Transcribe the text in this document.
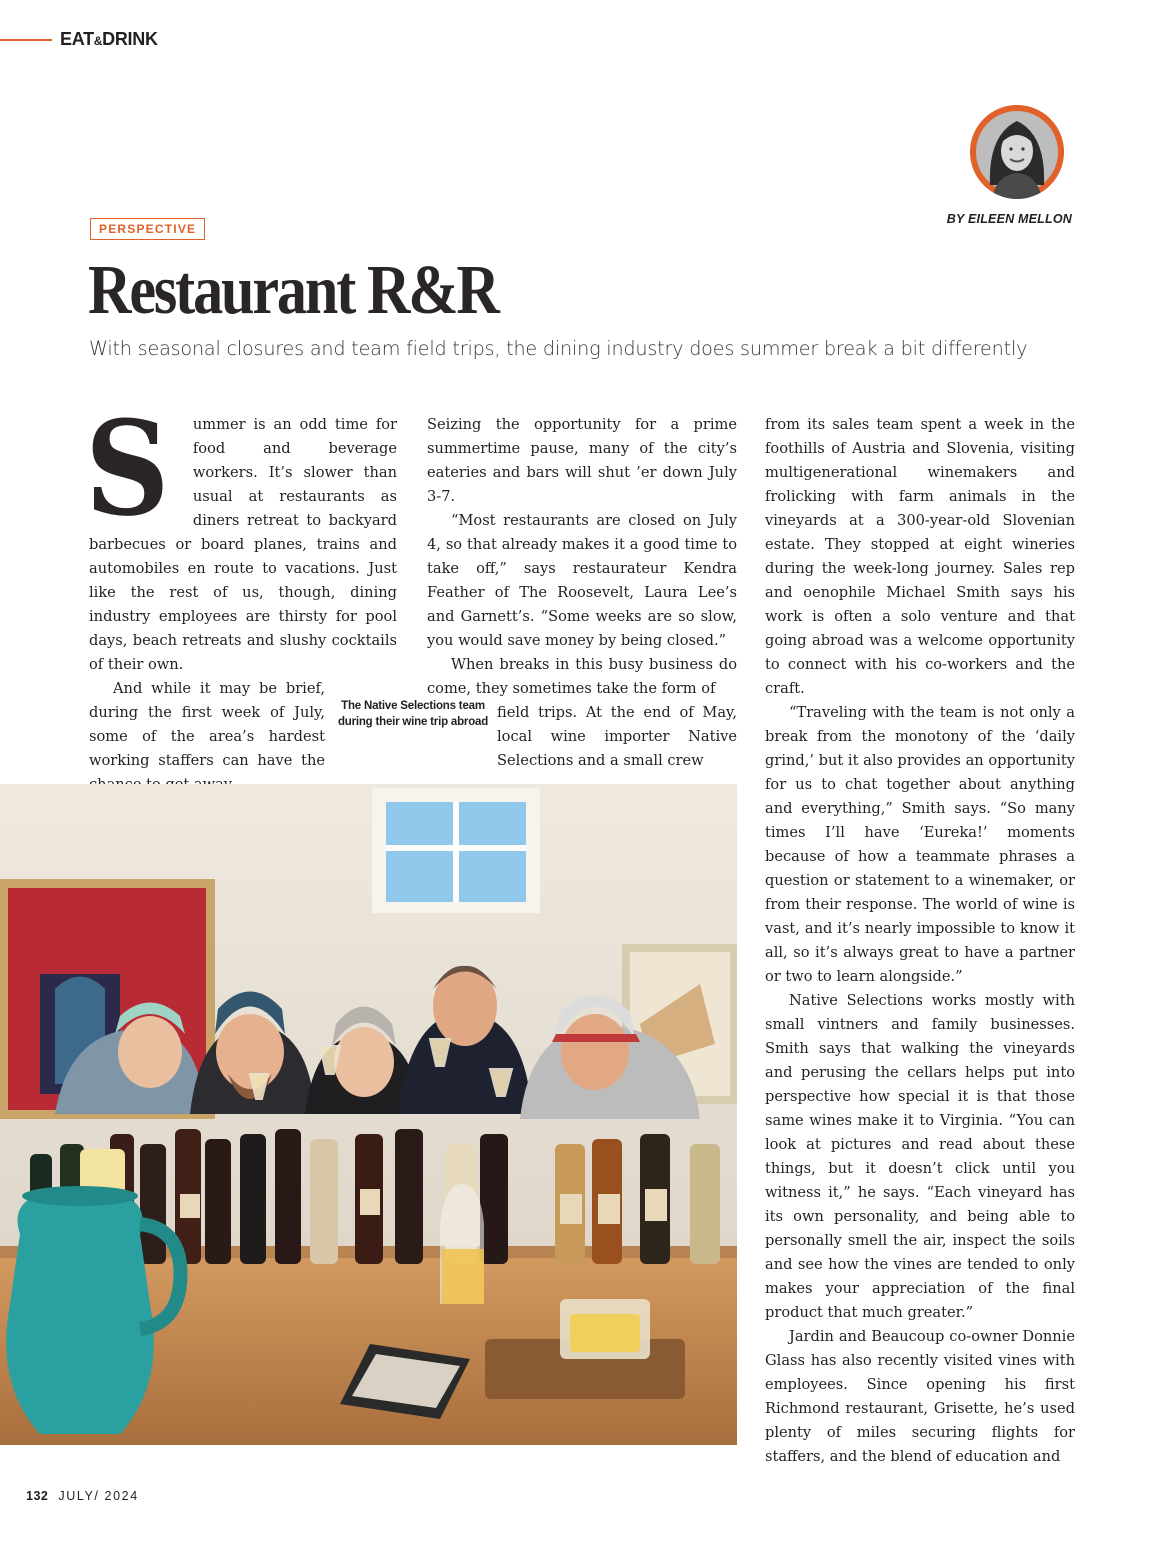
EAT&DRINK
BY EILEEN MELLON
PERSPECTIVE
Restaurant R&R
With seasonal closures and team field trips, the dining industry does summer break a bit differently
S	ummer is an odd time for food and beverage workers. It’s slower than usual at restaurants as diners retreat to backyard barbecues or board planes, trains and automobiles en route to vacations. Just like the rest of us, though, dining industry employees are thirsty for pool days, beach retreats and slushy cocktails of their own.

And while it may be brief, during the first week of July, some of the area’s hardest working staffers can have the

The Native Selections team during their wine trip abroad

Seizing the opportunity for a prime summertime pause, many of the city’s eateries and bars will shut ’er down July 3-7.

“Most restaurants are closed on July 4, so that already makes it a good time to take off,” says restaurateur Kendra Feather of The Roosevelt, Laura Lee’s and Garnett’s. “Some weeks are so slow, you would save money by being closed.”

When breaks in this busy business do come, they sometimes take the form of

field trips. At the end of May, local wine importer Native Selections and a small crew

from its sales team spent a week in the foothills of Austria and Slovenia, visiting multigenerational winemakers and frolicking with farm animals in the vineyards at a 300-year-old Slovenian estate. They stopped at eight wineries during the week-long journey. Sales rep and oenophile Michael Smith says his work is often a solo venture and that going abroad was a welcome opportunity to connect with his co-workers and the craft.

“Traveling with the team is not only a break from the monotony of the ‘daily grind,’ but it also provides an opportunity for us to chat together about anything and everything,” Smith says. “So many times I’ll have ‘Eureka!’ moments because of how a teammate phrases a question or statement to a winemaker, or from their response. The world of wine is vast, and it’s nearly impossible to know it all, so it’s always great to have a partner or two to learn alongside.”

Native Selections works mostly with small vintners and family businesses. Smith says that walking the vineyards and perusing the cellars helps put into perspective how special it is that those same wines make it to Virginia. “You can look at pictures and read about these things, but it doesn’t click until you witness it,” he says. “Each vineyard has its own personality, and being able to personally smell the air, inspect the soils and see how the vines are tended to only makes your appreciation of the final product that much greater.”

Jardin and Beaucoup co-owner Donnie Glass has also recently visited vines with employees. Since opening his first Richmond restaurant, Grisette, he’s used plenty of miles securing flights for staffers, and the blend of education and

132 JULY/ 2024
